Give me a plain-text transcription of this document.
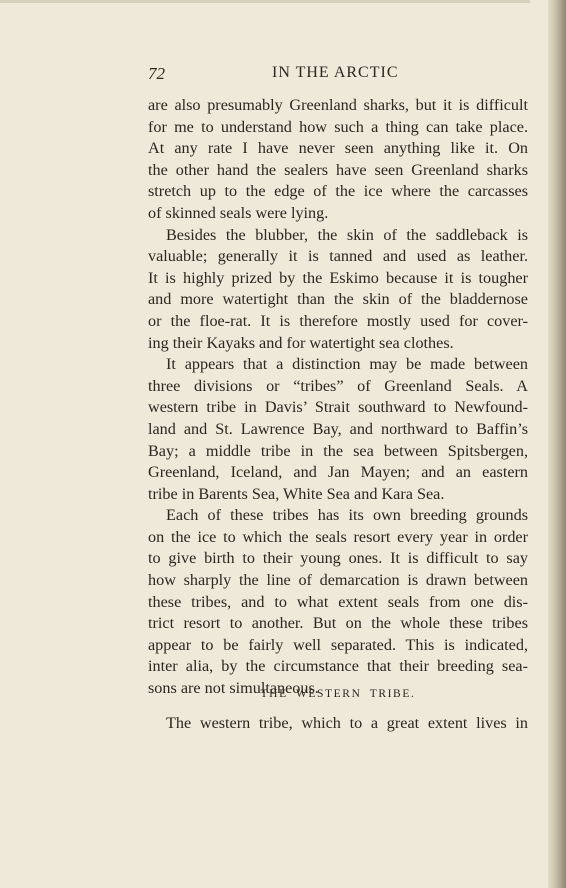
72	IN THE ARCTIC
are also presumably Greenland sharks, but it is difficult
for me to understand how such a thing can take place.
At any rate I have never seen anything like it. On
the other hand the sealers have seen Greenland sharks
stretch up to the edge of the ice where the carcasses
of skinned seals were lying.
Besides the blubber, the skin of the saddleback is
valuable; generally it is tanned and used as leather.
It is highly prized by the Eskimo because it is tougher
and more watertight than the skin of the bladdernose
or the floe-rat. It is therefore mostly used for cover-
ing their Kayaks and for watertight sea clothes.
It appears that a distinction may be made between
three divisions or “tribes” of Greenland Seals. A
western tribe in Davis’ Strait southward to Newfound-
land and St. Lawrence Bay, and northward to Baffin’s
Bay; a middle tribe in the sea between Spitsbergen,
Greenland, Iceland, and Jan Mayen; and an eastern
tribe in Barents Sea, White Sea and Kara Sea.
Each of these tribes has its own breeding grounds
on the ice to which the seals resort every year in order
to give birth to their young ones. It is difficult to say
how sharply the line of demarcation is drawn between
these tribes, and to what extent seals from one dis-
trict resort to another. But on the whole these tribes
appear to be fairly well separated. This is indicated,
inter alia, by the circumstance that their breeding sea-
sons are not simultaneous.
THE WESTERN TRIBE.
The western tribe, which to a great extent lives in
